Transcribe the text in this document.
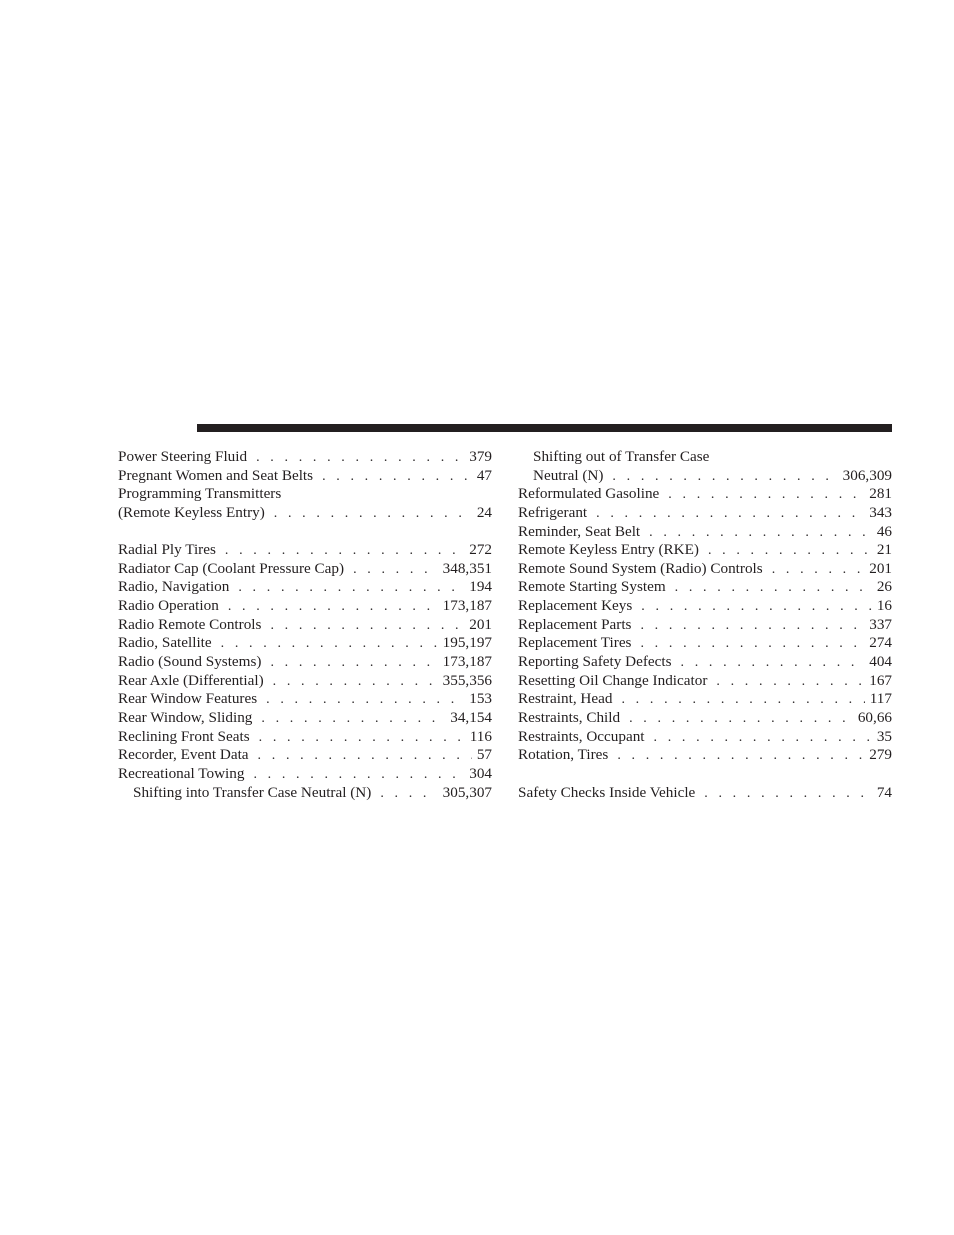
Power Steering Fluid . . .	379
Pregnant Women and Seat Belts . . .	47
Programming Transmitters
(Remote Keyless Entry) . . .	24
Radial Ply Tires . . .	272
Radiator Cap (Coolant Pressure Cap) . . .	348,351
Radio, Navigation . . .	194
Radio Operation . . .	173,187
Radio Remote Controls . . .	201
Radio, Satellite . . .	195,197
Radio (Sound Systems) . . .	173,187
Rear Axle (Differential) . . .	355,356
Rear Window Features . . .	153
Rear Window, Sliding . . .	34,154
Reclining Front Seats . . .	116
Recorder, Event Data . . .	57
Recreational Towing . . .	304
Shifting into Transfer Case Neutral (N) . . .	305,307
Shifting out of Transfer Case
Neutral (N) . . .	306,309
Reformulated Gasoline . . .	281
Refrigerant . . .	343
Reminder, Seat Belt . . .	46
Remote Keyless Entry (RKE) . . .	21
Remote Sound System (Radio) Controls . . .	201
Remote Starting System . . .	26
Replacement Keys . . .	16
Replacement Parts . . .	337
Replacement Tires . . .	274
Reporting Safety Defects . . .	404
Resetting Oil Change Indicator . . .	167
Restraint, Head . . .	117
Restraints, Child . . .	60,66
Restraints, Occupant . . .	35
Rotation, Tires . . .	279
Safety Checks Inside Vehicle . . .	74
